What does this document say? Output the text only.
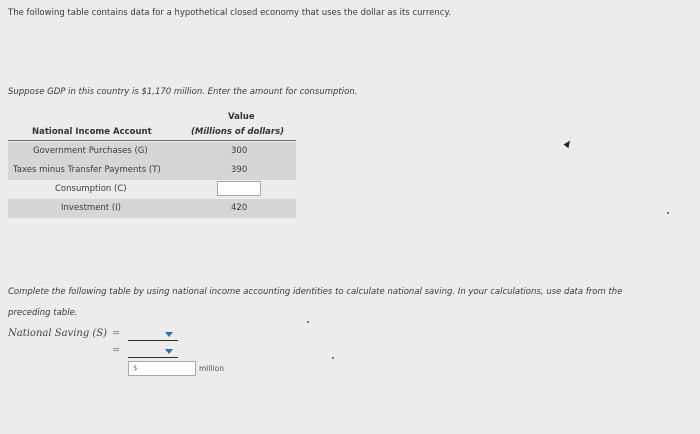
The following table contains data for a hypothetical closed economy that uses the dollar as its currency.
Suppose GDP in this country is $1,170 million. Enter the amount for consumption.
Value
National Income Account	(Millions of dollars)
Government Purchases (G)	300
Taxes minus Transfer Payments (T)	390
Consumption (C)
Investment (I)	420
Complete the following table by using national income accounting identities to calculate national saving. In your calculations, use data from the preceding table.
National Saving (S) =
=
$	million
